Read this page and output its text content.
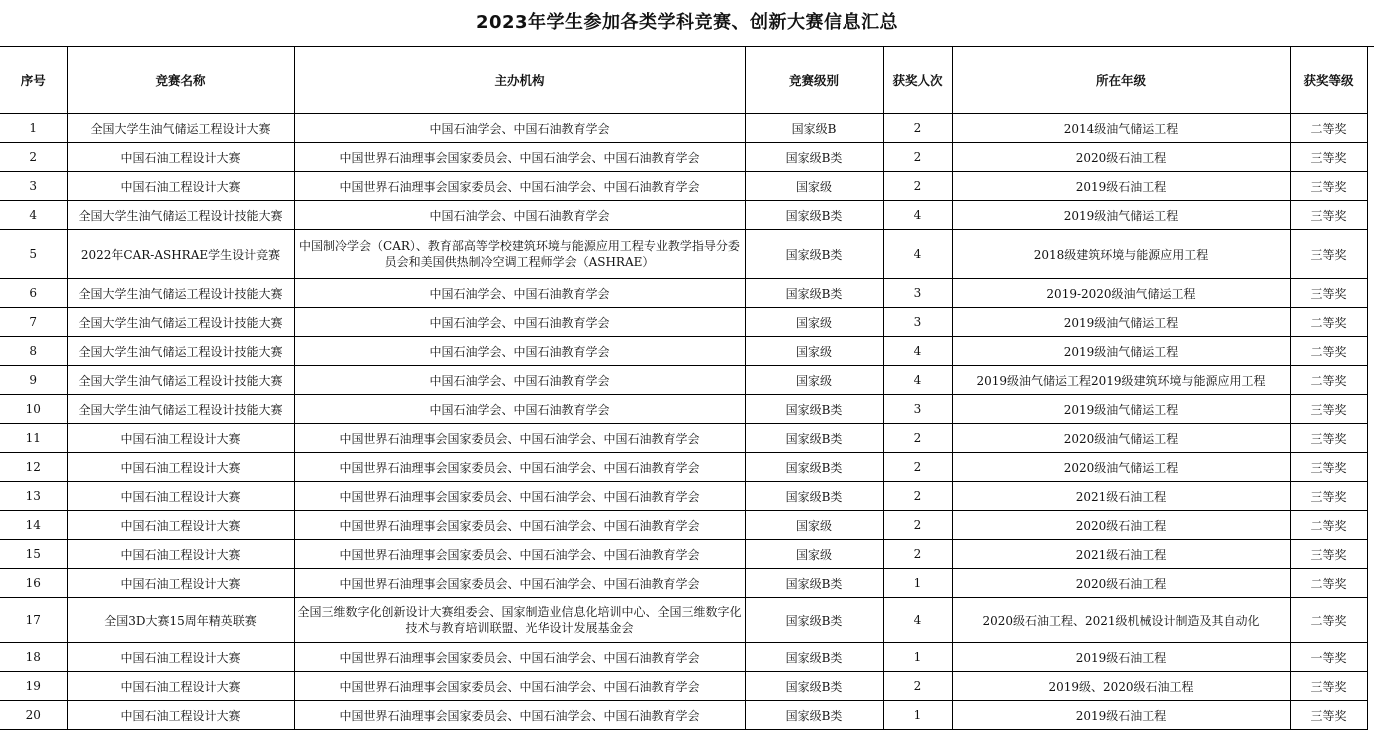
2023年学生参加各类学科竞赛、创新大赛信息汇总
序号	竞赛名称	主办机构	竞赛级别	获奖人次	所在年级	获奖等级
1	全国大学生油气储运工程设计大赛	中国石油学会、中国石油教育学会	国家级B	2	2014级油气储运工程	二等奖
2	中国石油工程设计大赛	中国世界石油理事会国家委员会、中国石油学会、中国石油教育学会	国家级B类	2	2020级石油工程	三等奖
3	中国石油工程设计大赛	中国世界石油理事会国家委员会、中国石油学会、中国石油教育学会	国家级	2	2019级石油工程	三等奖
4	全国大学生油气储运工程设计技能大赛	中国石油学会、中国石油教育学会	国家级B类	4	2019级油气储运工程	三等奖
5	2022年CAR-ASHRAE学生设计竞赛	中国制冷学会（CAR）、教育部高等学校建筑环境与能源应用工程专业教学指导分委员会和美国供热制冷空调工程师学会（ASHRAE）	国家级B类	4	2018级建筑环境与能源应用工程	三等奖
6	全国大学生油气储运工程设计技能大赛	中国石油学会、中国石油教育学会	国家级B类	3	2019-2020级油气储运工程	三等奖
7	全国大学生油气储运工程设计技能大赛	中国石油学会、中国石油教育学会	国家级	3	2019级油气储运工程	二等奖
8	全国大学生油气储运工程设计技能大赛	中国石油学会、中国石油教育学会	国家级	4	2019级油气储运工程	二等奖
9	全国大学生油气储运工程设计技能大赛	中国石油学会、中国石油教育学会	国家级	4	2019级油气储运工程2019级建筑环境与能源应用工程	二等奖
10	全国大学生油气储运工程设计技能大赛	中国石油学会、中国石油教育学会	国家级B类	3	2019级油气储运工程	三等奖
11	中国石油工程设计大赛	中国世界石油理事会国家委员会、中国石油学会、中国石油教育学会	国家级B类	2	2020级油气储运工程	三等奖
12	中国石油工程设计大赛	中国世界石油理事会国家委员会、中国石油学会、中国石油教育学会	国家级B类	2	2020级油气储运工程	三等奖
13	中国石油工程设计大赛	中国世界石油理事会国家委员会、中国石油学会、中国石油教育学会	国家级B类	2	2021级石油工程	三等奖
14	中国石油工程设计大赛	中国世界石油理事会国家委员会、中国石油学会、中国石油教育学会	国家级	2	2020级石油工程	二等奖
15	中国石油工程设计大赛	中国世界石油理事会国家委员会、中国石油学会、中国石油教育学会	国家级	2	2021级石油工程	三等奖
16	中国石油工程设计大赛	中国世界石油理事会国家委员会、中国石油学会、中国石油教育学会	国家级B类	1	2020级石油工程	二等奖
17	全国3D大赛15周年精英联赛	全国三维数字化创新设计大赛组委会、国家制造业信息化培训中心、全国三维数字化技术与教育培训联盟、光华设计发展基金会	国家级B类	4	2020级石油工程、2021级机械设计制造及其自动化	二等奖
18	中国石油工程设计大赛	中国世界石油理事会国家委员会、中国石油学会、中国石油教育学会	国家级B类	1	2019级石油工程	一等奖
19	中国石油工程设计大赛	中国世界石油理事会国家委员会、中国石油学会、中国石油教育学会	国家级B类	2	2019级、2020级石油工程	三等奖
20	中国石油工程设计大赛	中国世界石油理事会国家委员会、中国石油学会、中国石油教育学会	国家级B类	1	2019级石油工程	三等奖
